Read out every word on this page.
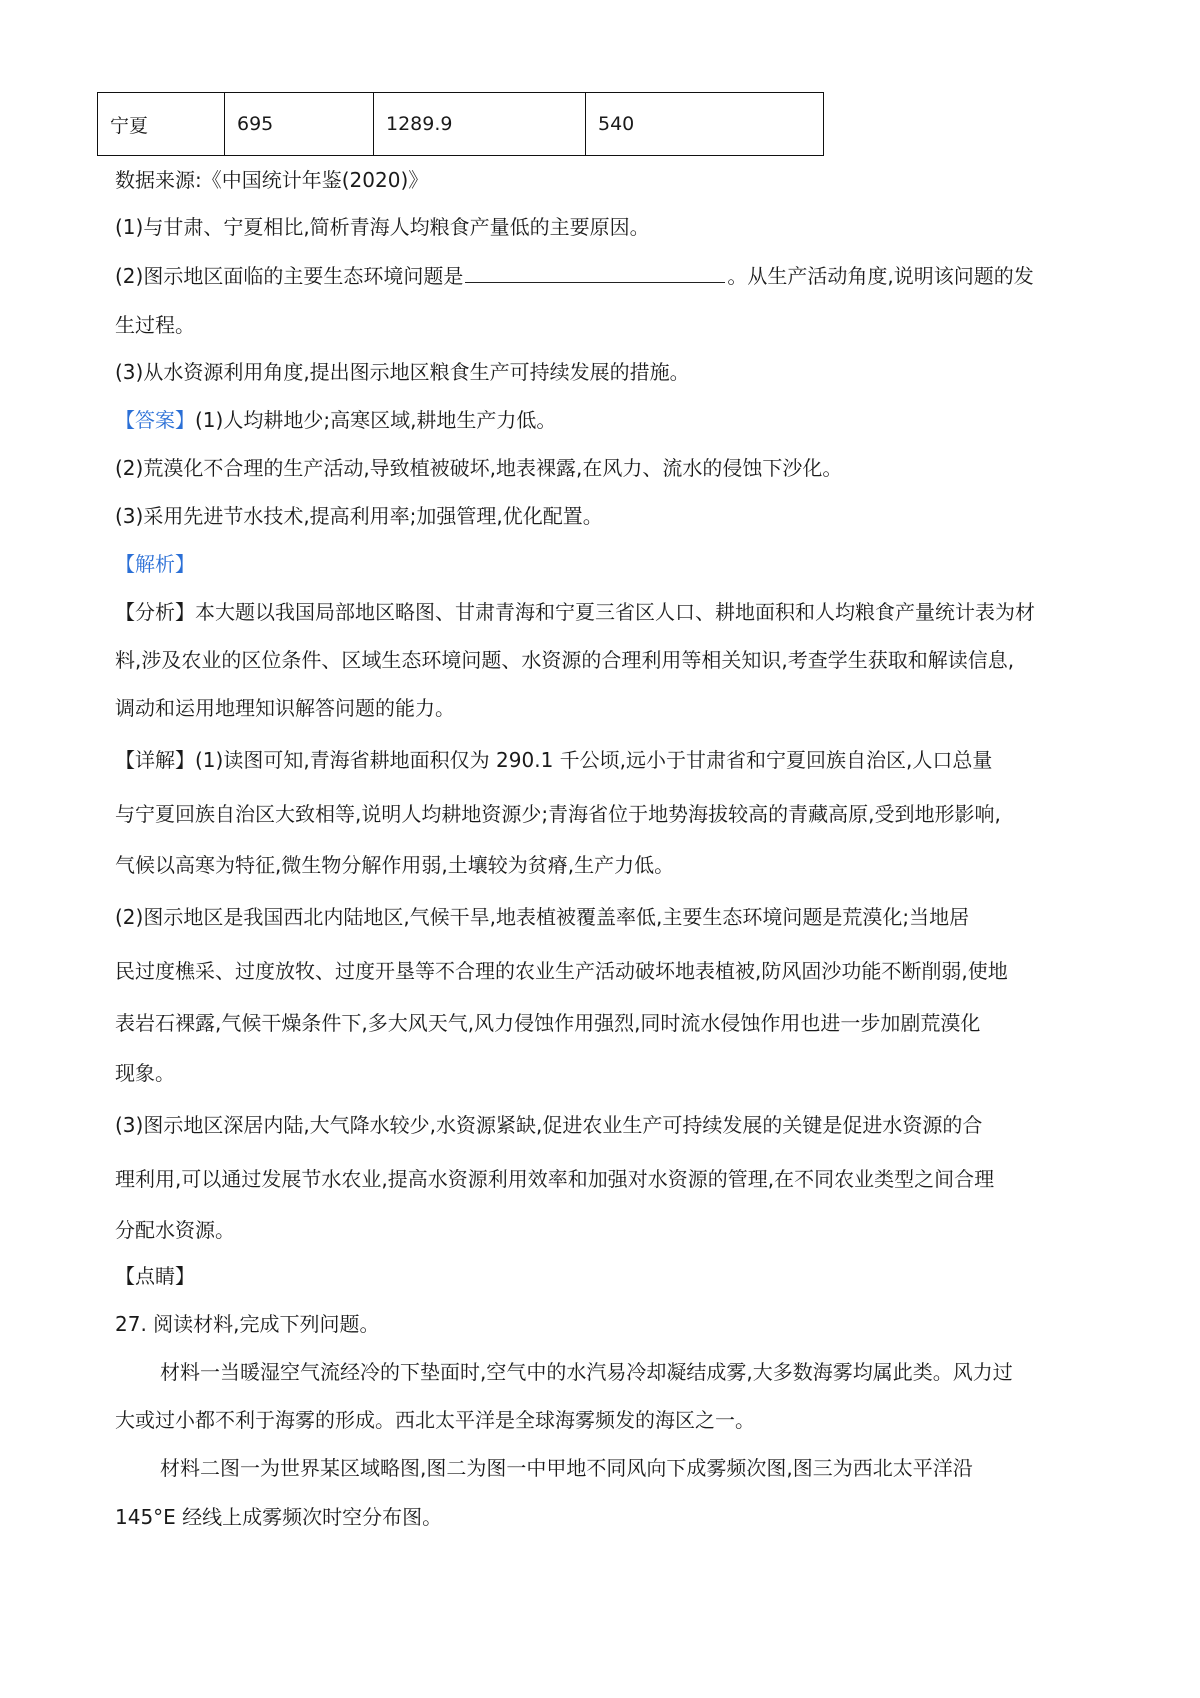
宁夏	695	1289.9	540
数据来源:《中国统计年鉴(2020)》
(1)与甘肃、宁夏相比,简析青海人均粮食产量低的主要原因。
(2)图示地区面临的主要生态环境问题是	。从生产活动角度,说明该问题的发
生过程。
(3)从水资源利用角度,提出图示地区粮食生产可持续发展的措施。
【答案】(1)人均耕地少;高寒区域,耕地生产力低。
(2)荒漠化不合理的生产活动,导致植被破坏,地表裸露,在风力、流水的侵蚀下沙化。
(3)采用先进节水技术,提高利用率;加强管理,优化配置。
【解析】
【分析】本大题以我国局部地区略图、甘肃青海和宁夏三省区人口、耕地面积和人均粮食产量统计表为材
料,涉及农业的区位条件、区域生态环境问题、水资源的合理利用等相关知识,考查学生获取和解读信息,
调动和运用地理知识解答问题的能力。
【详解】(1)读图可知,青海省耕地面积仅为 290.1 千公顷,远小于甘肃省和宁夏回族自治区,人口总量
与宁夏回族自治区大致相等,说明人均耕地资源少;青海省位于地势海拔较高的青藏高原,受到地形影响,
气候以高寒为特征,微生物分解作用弱,土壤较为贫瘠,生产力低。
(2)图示地区是我国西北内陆地区,气候干旱,地表植被覆盖率低,主要生态环境问题是荒漠化;当地居
民过度樵采、过度放牧、过度开垦等不合理的农业生产活动破坏地表植被,防风固沙功能不断削弱,使地
表岩石裸露,气候干燥条件下,多大风天气,风力侵蚀作用强烈,同时流水侵蚀作用也进一步加剧荒漠化
现象。
(3)图示地区深居内陆,大气降水较少,水资源紧缺,促进农业生产可持续发展的关键是促进水资源的合
理利用,可以通过发展节水农业,提高水资源利用效率和加强对水资源的管理,在不同农业类型之间合理
分配水资源。
【点睛】
27. 阅读材料,完成下列问题。
材料一当暖湿空气流经冷的下垫面时,空气中的水汽易冷却凝结成雾,大多数海雾均属此类。风力过
大或过小都不利于海雾的形成。西北太平洋是全球海雾频发的海区之一。
材料二图一为世界某区域略图,图二为图一中甲地不同风向下成雾频次图,图三为西北太平洋沿
145°E 经线上成雾频次时空分布图。
